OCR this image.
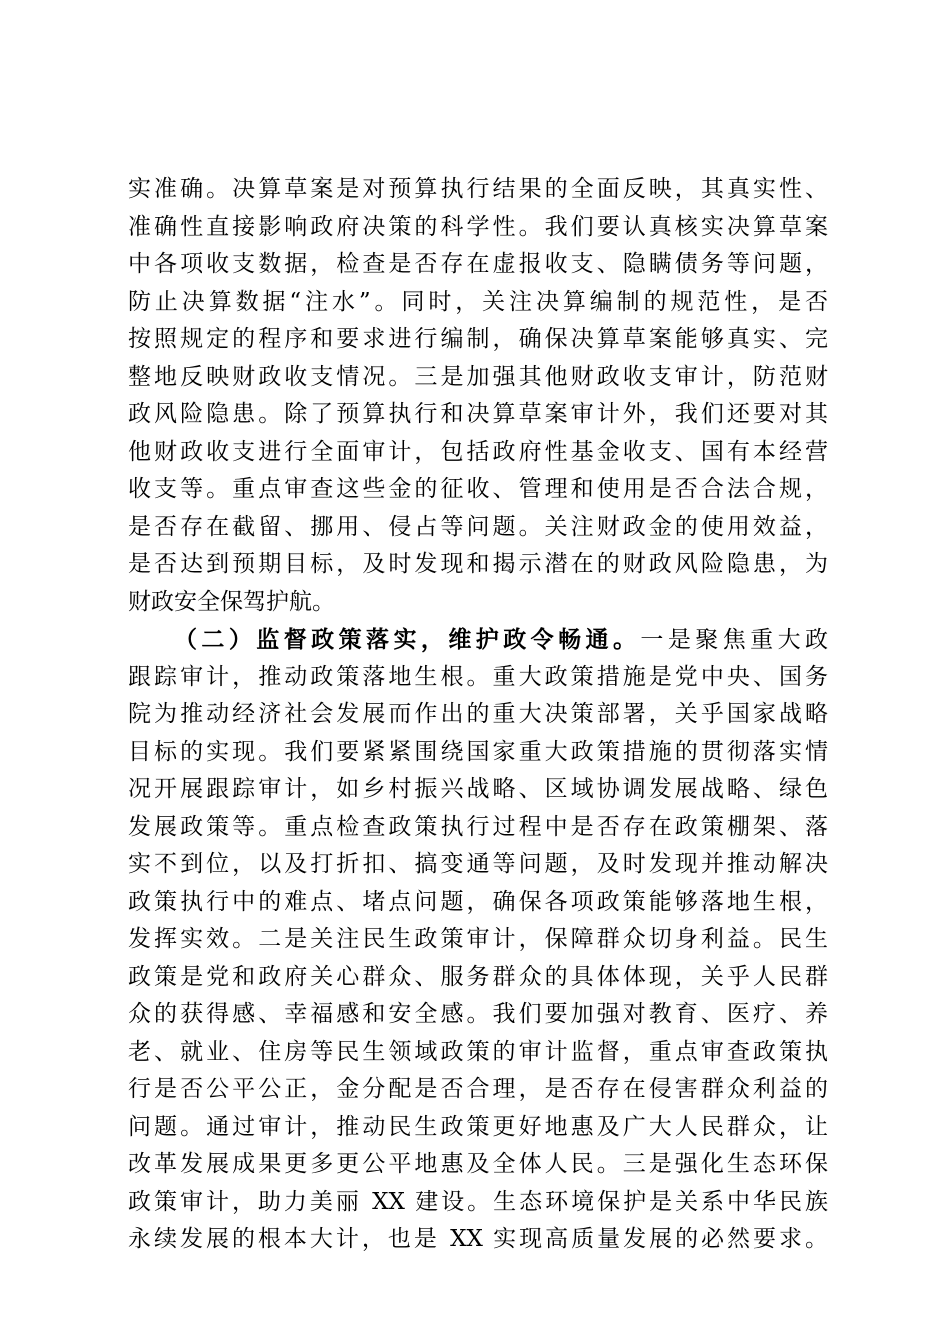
实准确。决算草案是对预算执行结果的全面反映，其真实性、
准确性直接影响政府决策的科学性。我们要认真核实决算草案
中各项收支数据，检查是否存在虚报收支、隐瞒债务等问题，
防止决算数据“注水”。同时，关注决算编制的规范性，是否
按照规定的程序和要求进行编制，确保决算草案能够真实、完
整地反映财政收支情况。三是加强其他财政收支审计，防范财
政风险隐患。除了预算执行和决算草案审计外，我们还要对其
他财政收支进行全面审计，包括政府性基金收支、国有本经营
收支等。重点审查这些金的征收、管理和使用是否合法合规，
是否存在截留、挪用、侵占等问题。关注财政金的使用效益，
是否达到预期目标，及时发现和揭示潜在的财政风险隐患，为
财政安全保驾护航。
（二）监督政策落实，维护政令畅通。一是聚焦重大政
跟踪审计，推动政策落地生根。重大政策措施是党中央、国务
院为推动经济社会发展而作出的重大决策部署，关乎国家战略
目标的实现。我们要紧紧围绕国家重大政策措施的贯彻落实情
况开展跟踪审计，如乡村振兴战略、区域协调发展战略、绿色
发展政策等。重点检查政策执行过程中是否存在政策棚架、落
实不到位，以及打折扣、搞变通等问题，及时发现并推动解决
政策执行中的难点、堵点问题，确保各项政策能够落地生根，
发挥实效。二是关注民生政策审计，保障群众切身利益。民生
政策是党和政府关心群众、服务群众的具体体现，关乎人民群
众的获得感、幸福感和安全感。我们要加强对教育、医疗、养
老、就业、住房等民生领域政策的审计监督，重点审查政策执
行是否公平公正，金分配是否合理，是否存在侵害群众利益的
问题。通过审计，推动民生政策更好地惠及广大人民群众，让
改革发展成果更多更公平地惠及全体人民。三是强化生态环保
政策审计，助力美丽 XX 建设。生态环境保护是关系中华民族
永续发展的根本大计，也是 XX 实现高质量发展的必然要求。
